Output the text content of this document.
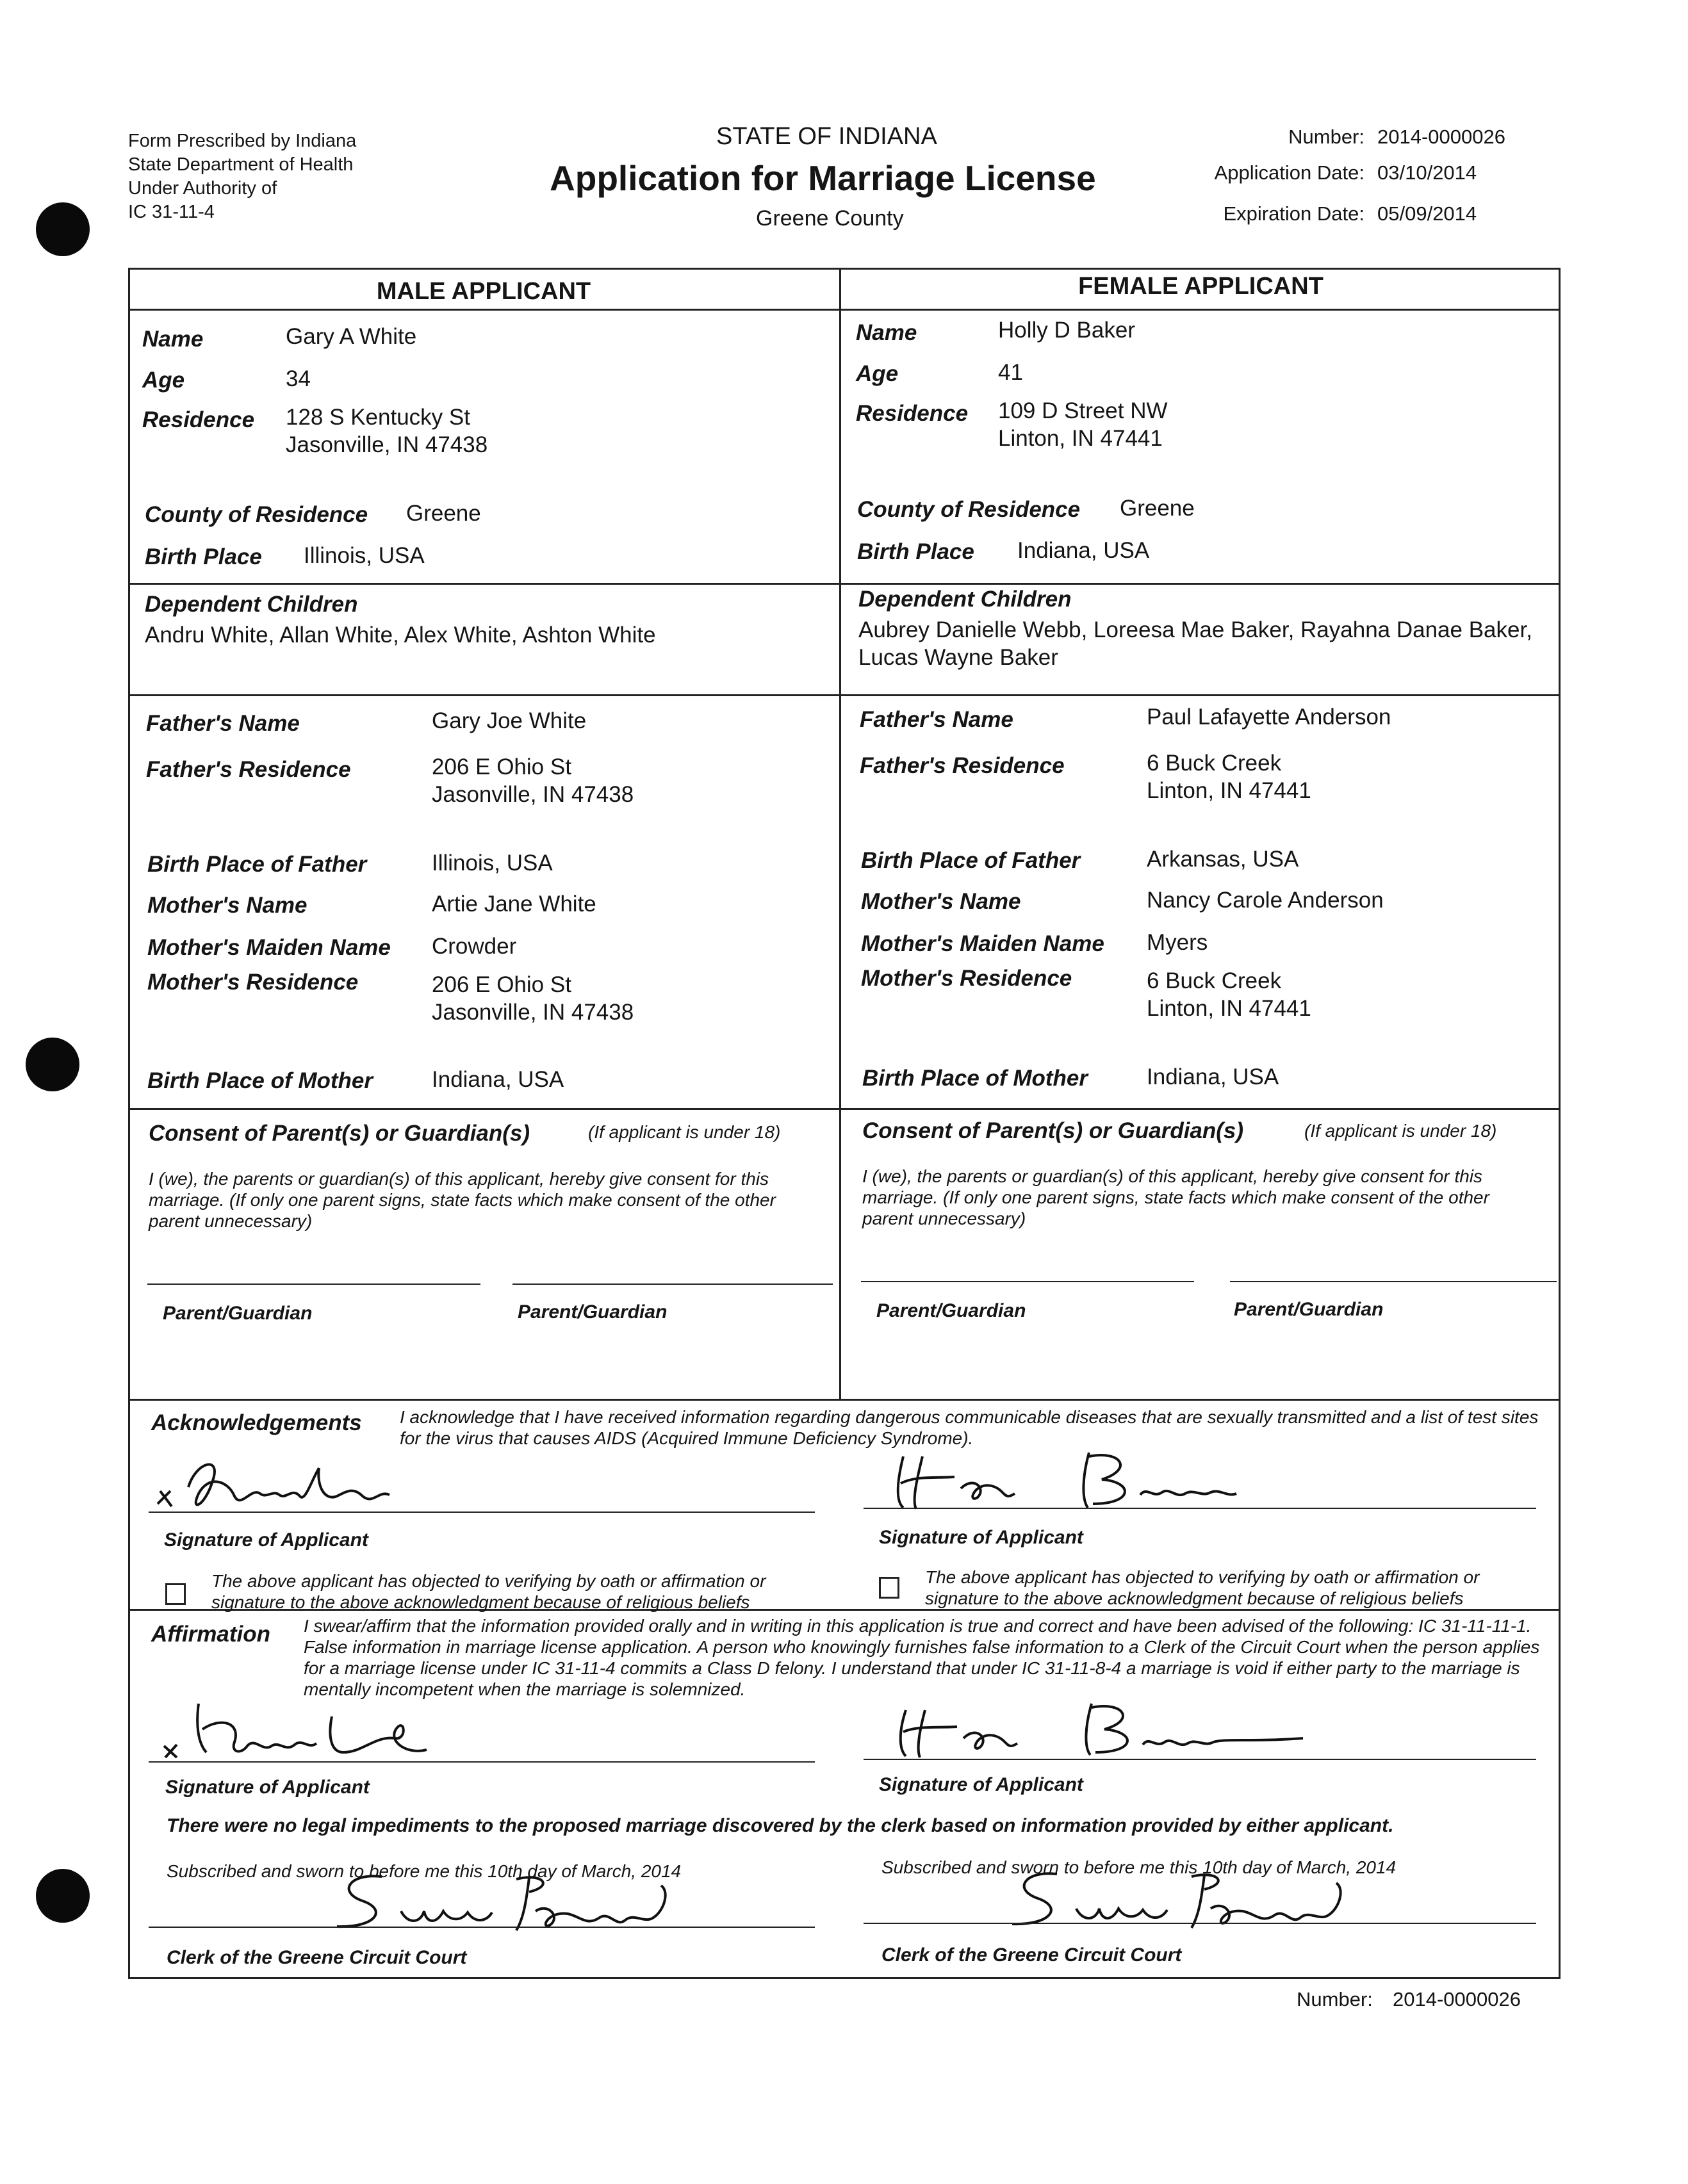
Form Prescribed by Indiana
State Department of Health
Under Authority of
IC 31-11-4
STATE OF INDIANA
Application for Marriage License
Greene County
Number: 2014-0000026
Application Date: 03/10/2014
Expiration Date: 05/09/2014
MALE APPLICANT	FEMALE APPLICANT
Name	Gary A White
Age	34
Residence 128 S Kentucky St
Jasonville, IN 47438
County of Residence Greene
Birth Place Illinois, USA
Dependent Children
Andru White, Allan White, Alex White, Ashton White
Father's Name	Gary Joe White
Father's Residence	206 E Ohio St
Jasonville, IN 47438
Birth Place of Father	Illinois, USA
Mother's Name	Artie Jane White
Mother's Maiden Name Crowder
Mother's Residence	206 E Ohio St
Jasonville, IN 47438
Birth Place of Mother	Indiana, USA
Name	Holly D Baker
Age	41
Residence 109 D Street NW
Linton, IN 47441
County of Residence Greene
Birth Place Indiana, USA
Dependent Children
Aubrey Danielle Webb, Loreesa Mae Baker, Rayahna Danae Baker, Lucas Wayne Baker
Father's Name	Paul Lafayette Anderson
Father's Residence	6 Buck Creek
Linton, IN 47441
Birth Place of Father	Arkansas, USA
Mother's Name	Nancy Carole Anderson
Mother's Maiden Name Myers
Mother's Residence	6 Buck Creek
Linton, IN 47441
Birth Place of Mother	Indiana, USA
Consent of Parent(s) or Guardian(s)	(If applicant is under 18)
I (we), the parents or guardian(s) of this applicant, hereby give consent for this marriage. (If only one parent signs, state facts which make consent of the other parent unnecessary)
Parent/Guardian	Parent/Guardian
Consent of Parent(s) or Guardian(s)	(If applicant is under 18)
I (we), the parents or guardian(s) of this applicant, hereby give consent for this marriage. (If only one parent signs, state facts which make consent of the other parent unnecessary)
Parent/Guardian	Parent/Guardian
Acknowledgements I acknowledge that I have received information regarding dangerous communicable diseases that are sexually transmitted and a list of test sites for the virus that causes AIDS (Acquired Immune Deficiency Syndrome).
Signature of Applicant
The above applicant has objected to verifying by oath or affirmation or signature to the above acknowledgment because of religious beliefs
Signature of Applicant
The above applicant has objected to verifying by oath or affirmation or signature to the above acknowledgment because of religious beliefs
Affirmation I swear/affirm that the information provided orally and in writing in this application is true and correct and have been advised of the following: IC 31-11-11-1. False information in marriage license application. A person who knowingly furnishes false information to a Clerk of the Circuit Court when the person applies for a marriage license under IC 31-11-4 commits a Class D felony. I understand that under IC 31-11-8-4 a marriage is void if either party to the marriage is mentally incompetent when the marriage is solemnized.
Signature of Applicant	Signature of Applicant
There were no legal impediments to the proposed marriage discovered by the clerk based on information provided by either applicant.
Subscribed and sworn to before me this 10th day of March, 2014
Clerk of the Greene Circuit Court
Subscribed and sworn to before me this 10th day of March, 2014
Clerk of the Greene Circuit Court
Number: 2014-0000026
